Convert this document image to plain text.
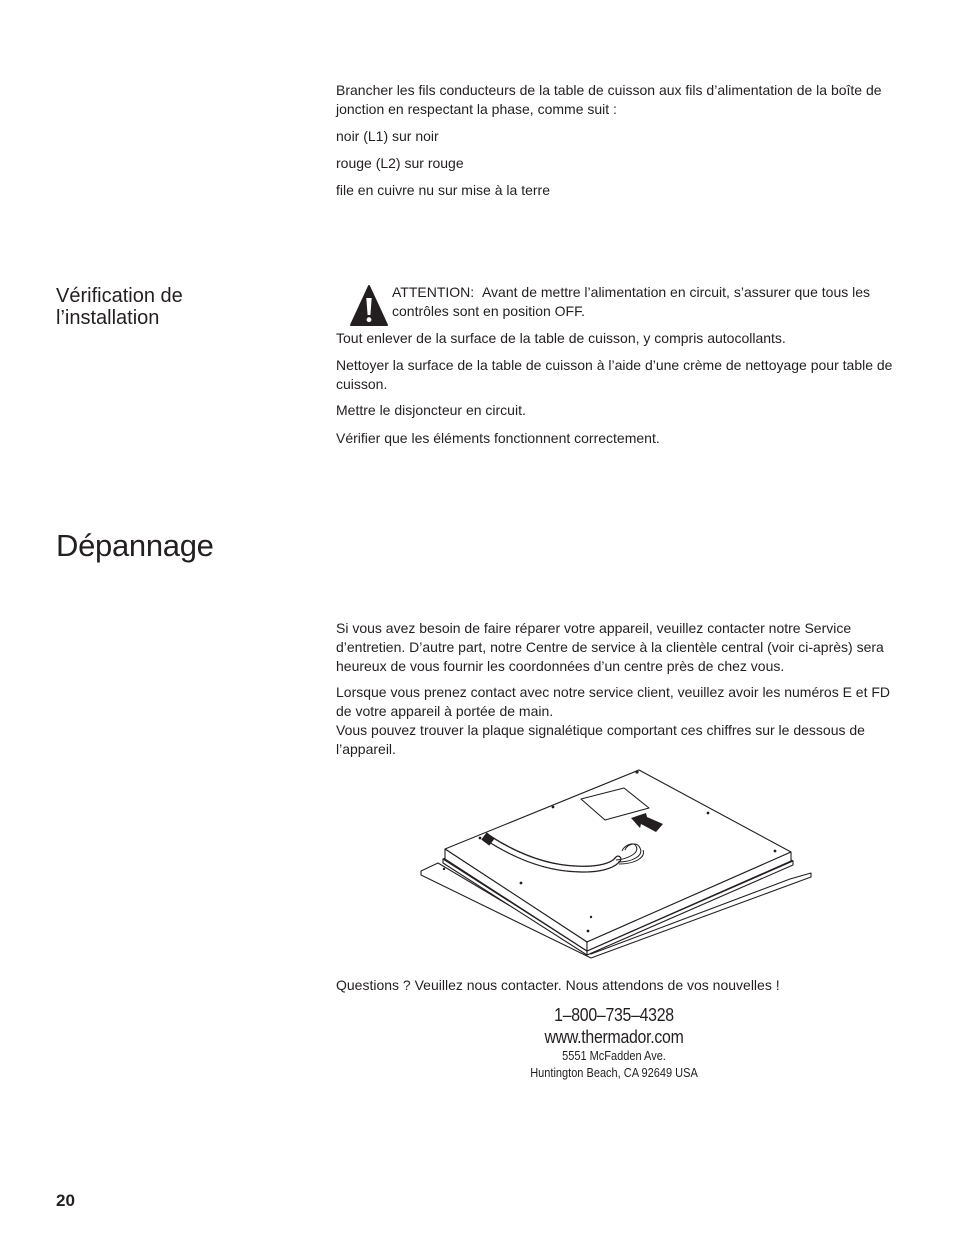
Brancher les fils conducteurs de la table de cuisson aux fils d’alimentation de la boîte de jonction en respectant la phase, comme suit :

noir (L1) sur noir

rouge (L2) sur rouge

file en cuivre nu sur mise à la terre

Vérification de
l’installation

ATTENTION: Avant de mettre l’alimentation en circuit, s’assurer que tous les contrôles sont en position OFF.

Tout enlever de la surface de la table de cuisson, y compris autocollants.

Nettoyer la surface de la table de cuisson à l’aide d’une crème de nettoyage pour table de cuisson.

Mettre le disjoncteur en circuit.

Vérifier que les éléments fonctionnent correctement.

Dépannage

Si vous avez besoin de faire réparer votre appareil, veuillez contacter notre Service d’entretien. D’autre part, notre Centre de service à la clientèle central (voir ci-après) sera heureux de vous fournir les coordonnées d’un centre près de chez vous.

Lorsque vous prenez contact avec notre service client, veuillez avoir les numéros E et FD de votre appareil à portée de main.
Vous pouvez trouver la plaque signalétique comportant ces chiffres sur le dessous de l’appareil.

Questions ? Veuillez nous contacter. Nous attendons de vos nouvelles !

1–800–735–4328
www.thermador.com
5551 McFadden Ave.
Huntington Beach, CA 92649 USA
20
